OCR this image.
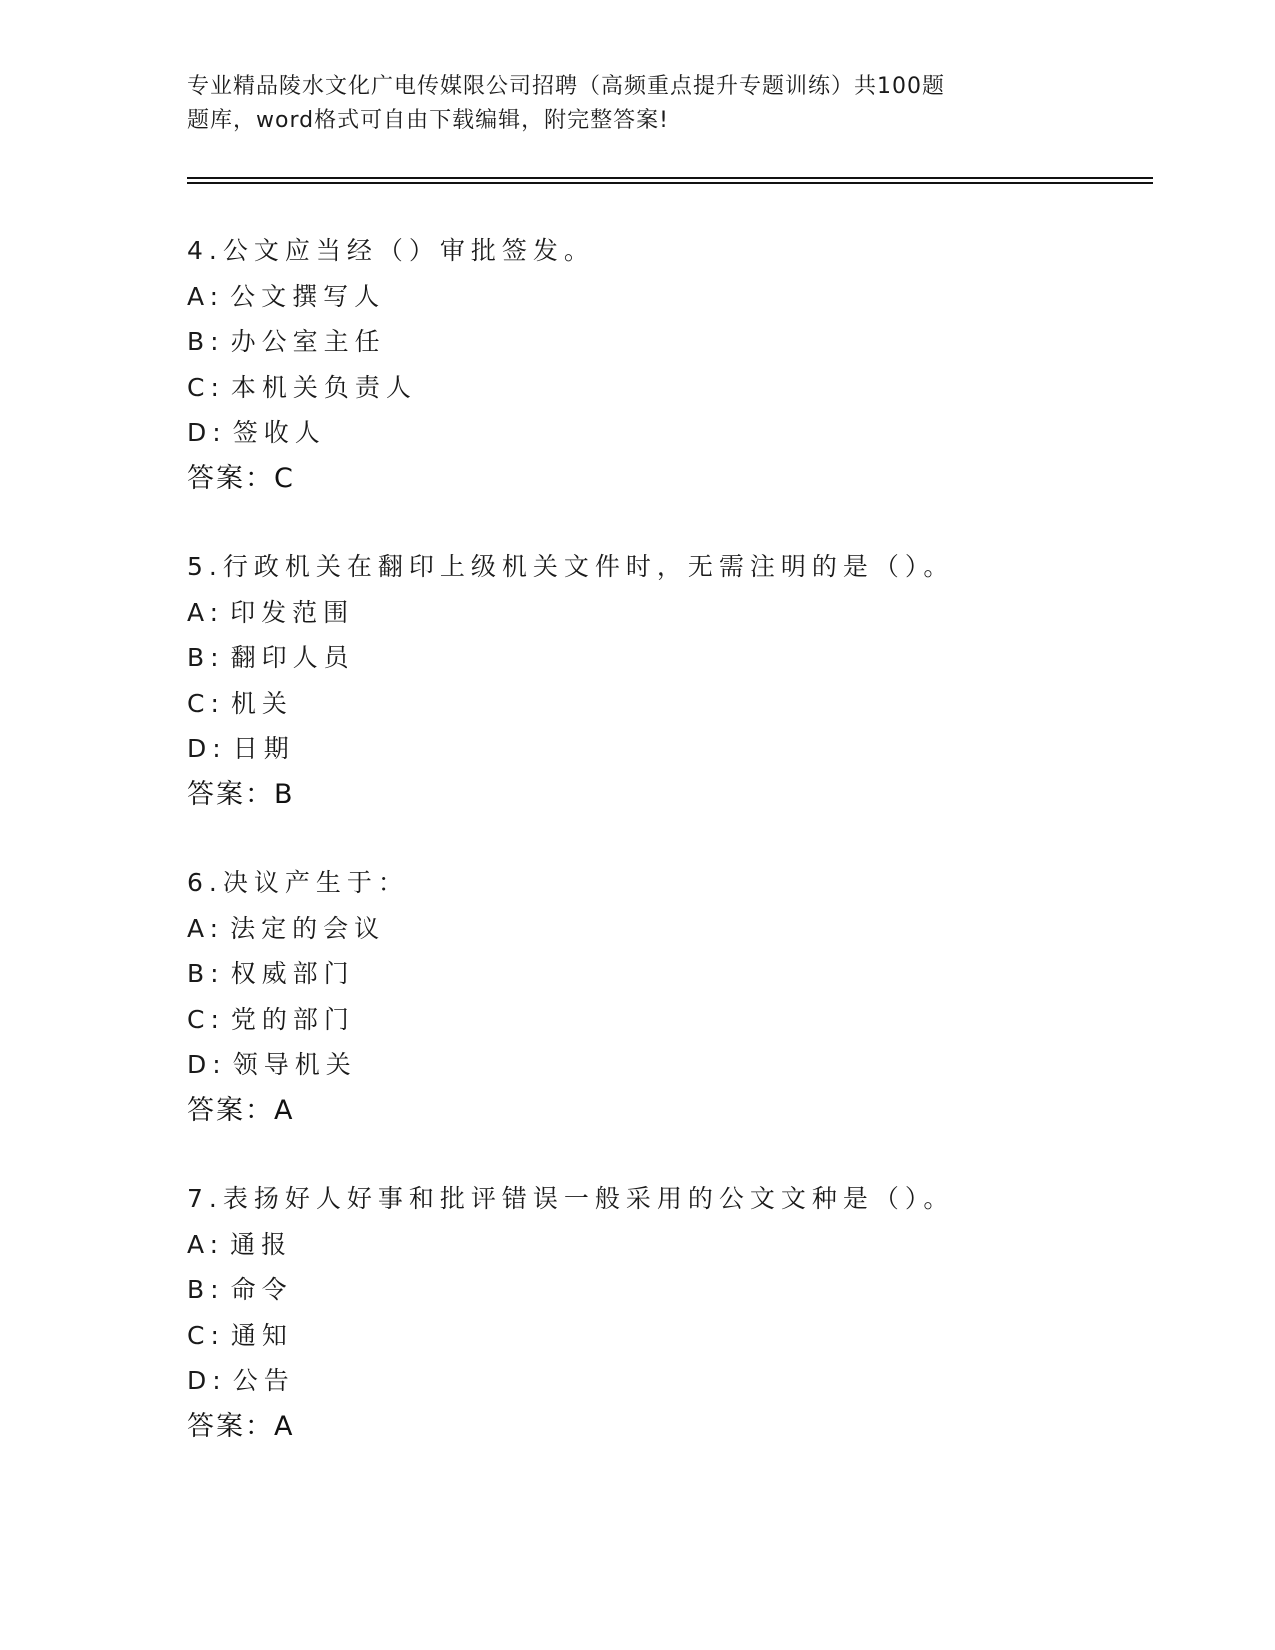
专业精品陵水文化广电传媒限公司招聘（高频重点提升专题训练）共100题
题库，word格式可自由下载编辑，附完整答案!
4.公文应当经（）审批签发。
A: 公文撰写人
B: 办公室主任
C: 本机关负责人
D: 签收人
答案：C
5.行政机关在翻印上级机关文件时，无需注明的是（）。
A: 印发范围
B: 翻印人员
C: 机关
D: 日期
答案：B
6.决议产生于：
A: 法定的会议
B: 权威部门
C: 党的部门
D: 领导机关
答案：A
7.表扬好人好事和批评错误一般采用的公文文种是（）。
A: 通报
B: 命令
C: 通知
D: 公告
答案：A
